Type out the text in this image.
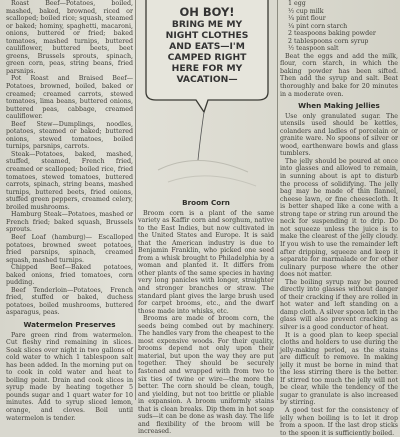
Roast Beef—Potatoes, boiled, mashed, baked, browned, riced or scalloped; boiled rice; squash, steamed or baked; hominy, spaghetti, macaroni, onions, buttered or fried; baked tomatoes, mashed turnips, buttered cauliflower, buttered beets, beet greens, Brussels sprouts, spinach, green corn, peas, string beans, fried parsnips.

Pot Roast and Braised Beef—Potatoes, browned, boiled, baked or creamed; creamed carrots, stewed tomatoes, lima beans, buttered onions, buttered peas, cabbage, creamed cauliflower.

Beef Stew—Dumplings, noodles, potatoes, steamed or baked; buttered onions, stewed tomatoes, boiled turnips, parsnips, carrots.

Steak—Potatoes, baked, mashed, stuffed, steamed, French fried, creamed or scalloped; boiled rice, fried tomatoes, stewed tomatoes, buttered carrots, spinach, string beans, mashed turnips, buttered beets, fried onions, stuffed green peppers, creamed celery, broiled mushrooms.

Hamburg Steak—Potatoes, mashed or French fried; baked squash, Brussels sprouts.

Beef Loaf (hamburg)— Escalloped potatoes, browned sweet potatoes, fried parsnips, spinach, creamed squash, mashed turnips.

Chipped Beef—Baked potatoes, baked onions, fried tomatoes, corn pudding.

Beef Tenderloin—Potatoes, French fried, stuffed or baked, duchess potatoes, boiled mushrooms, buttered asparagus, peas.

Watermelon Preserves

Pare green rind from watermelon. Cut fleshy rind remaining in slices. Soak slices over night in two gallons of cold water to which 1 tablespoon salt has been added. In the morning put on to cook in cold water and heat to boiling point. Drain and cook slices in syrup made by heating together 5 pounds sugar and 1 quart water for 10 minutes. Add to syrup sliced lemon, orange, and cloves. Boil until watermelon is tender.

OH BOY!
BRING ME MY
NIGHT CLOTHES
AND EATS—I'M
CAMPED RIGHT
HERE FOR MY
VACATION—
Broom Corn

Broom corn is a plant of the same variety as Kaffir corn and sorghum, native to the East Indies, but now cultivated in the United States and Europe. It is said that the American industry is due to Benjamin Franklin, who picked one seed from a whisk brought to Philadelphia by a woman and planted it. It differs from other plants of the same species in having very long panicles with longer, straighter and stronger branches or straw. The standard plant gives the large brush used for carpet brooms, etc., and the dwarf those made into whisks, etc.

Brooms are made of broom corn, the seeds being combed out by machinery. The handles vary from the cheapest to the most expensive woods. For their quality, brooms depend not only upon their material, but upon the way they are put together. They should be securely fastened and wrapped with from two to six ties of twine or wire—the more the better. The corn should be clean, tough, and yielding, but not too brittle or pliable in expansion. A broom uniformly stains that is clean breaks. Dip them in hot soap suds—it can be done as wash day. The life and flexibility of the broom will be increased.

1 egg
½ cup milk
¼ pint flour
¼ pint corn starch
2 teaspoons baking powder
2 tablespoons corn syrup
½ teaspoon salt

Beat the eggs and add the milk, flour, corn starch, in which the baking powder has been sifted. Then add the syrup and salt. Beat thoroughly and bake for 20 minutes in a moderate oven.

When Making Jellies

Use only granulated sugar. The utensils used should be kettles, colanders and ladles of porcelain or granite ware. No spoons of silver or wood, earthenware bowls and glass tumblers.

The jelly should be poured at once into glasses and allowed to remain, in sunning about is apt to disturb the process of solidifying. The jelly bag may be made of thin flannel, cheese lawn, or fine cheesecloth. It is better shaped like a cone with a strong tape or string run around the neck for suspending it to drip. Do not squeeze unless the juice is to make the clearest of the jelly cloudy. If you wish to use the remainder left after dripping, squeeze and keep it separate for marmalade or for other culinary purpose where the other does not matter.

The boiling syrup may be poured directly into glasses without danger of their cracking if they are rolled in hot water and left standing on a damp cloth. A silver spoon left in the glass will also prevent cracking as silver is a good conductor of heat.

It is a good plan to keep special cloths and holders to use during the jelly-making period, as the stains are difficult to remove. In making jelly it must be borne in mind that the less stirring there is the better. If stirred too much the jelly will not be clear, while the tendency of the sugar to granulate is also increased by stirring.

A good test for the consistency of jelly when boiling is to let it drop from a spoon. If the last drop sticks to the spoon it is sufficiently boiled.
